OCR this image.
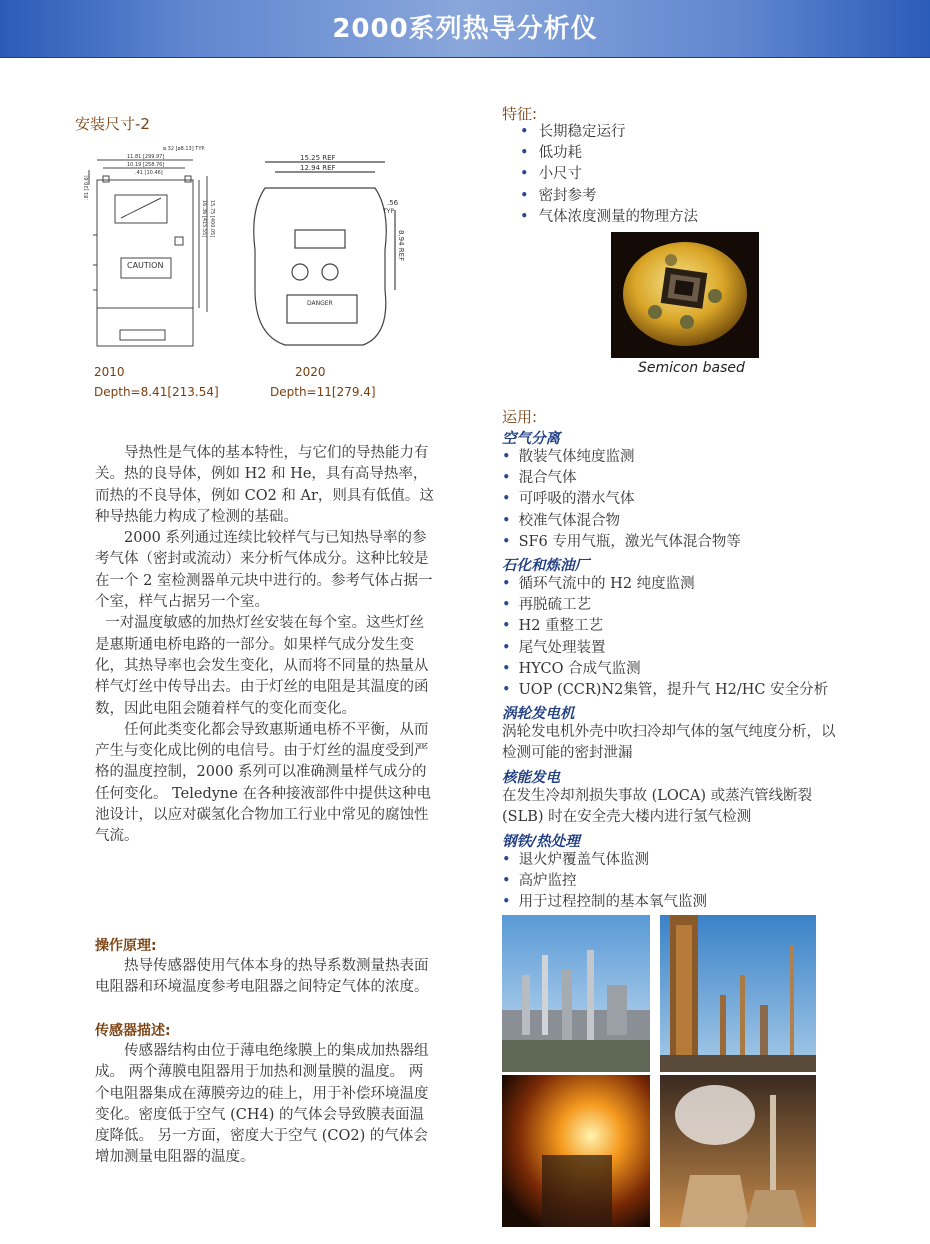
2000系列热导分析仪
安装尺寸-2
CAUTION
11.81 [299.97]
10.19 [258.76]
.41 [10.46]
ø.32 [ø8.13] TYP.
16.36 [415.55] 15.75 [400.05]
.81 [20.6]
15.25 REF
12.94 REF
.56
TYP
8.94 REF
DANGER
2010
Depth=8.41[213.54]
2020
Depth=11[279.4]

导热性是气体的基本特性，与它们的导热能力有关。热的良导体，例如 H2 和 He，具有高导热率，而热的不良导体，例如 CO2 和 Ar，则具有低值。这种导热能力构成了检测的基础。

2000 系列通过连续比较样气与已知热导率的参考气体（密封或流动）来分析气体成分。这种比较是在一个 2 室检测器单元块中进行的。参考气体占据一个室，样气占据另一个室。

一对温度敏感的加热灯丝安装在每个室。这些灯丝是惠斯通电桥电路的一部分。如果样气成分发生变化，其热导率也会发生变化，从而将不同量的热量从样气灯丝中传导出去。由于灯丝的电阻是其温度的函数，因此电阻会随着样气的变化而变化。

任何此类变化都会导致惠斯通电桥不平衡，从而产生与变化成比例的电信号。由于灯丝的温度受到严格的温度控制，2000 系列可以准确测量样气成分的任何变化。 Teledyne 在各种接液部件中提供这种电池设计，以应对碳氢化合物加工行业中常见的腐蚀性气流。

操作原理:

热导传感器使用气体本身的热导系数测量热表面电阻器和环境温度参考电阻器之间特定气体的浓度。

传感器描述:

传感器结构由位于薄电绝缘膜上的集成加热器组成。 两个薄膜电阻器用于加热和测量膜的温度。 两个电阻器集成在薄膜旁边的硅上，用于补偿环境温度变化。密度低于空气 (CH4) 的气体会导致膜表面温度降低。 另一方面，密度大于空气 (CO2) 的气体会增加测量电阻器的温度。

特征:
• 长期稳定运行
• 低功耗
• 小尺寸
• 密封参考
• 气体浓度测量的物理方法
Semicon based
运用:
空气分离
• 散装气体纯度监测
• 混合气体
• 可呼吸的潜水气体
• 校准气体混合物
• SF6 专用气瓶，激光气体混合物等
石化和炼油厂
• 循环气流中的 H2 纯度监测
• 再脱硫工艺
• H2 重整工艺
• 尾气处理装置
• HYCO 合成气监测
• UOP (CCR)N2集管，提升气 H2/HC 安全分析
涡轮发电机
涡轮发电机外壳中吹扫冷却气体的氢气纯度分析，以检测可能的密封泄漏
核能发电
在发生冷却剂损失事故 (LOCA) 或蒸汽管线断裂 (SLB) 时在安全壳大楼内进行氢气检测
钢铁/热处理
• 退火炉覆盖气体监测
• 高炉监控
• 用于过程控制的基本氧气监测
